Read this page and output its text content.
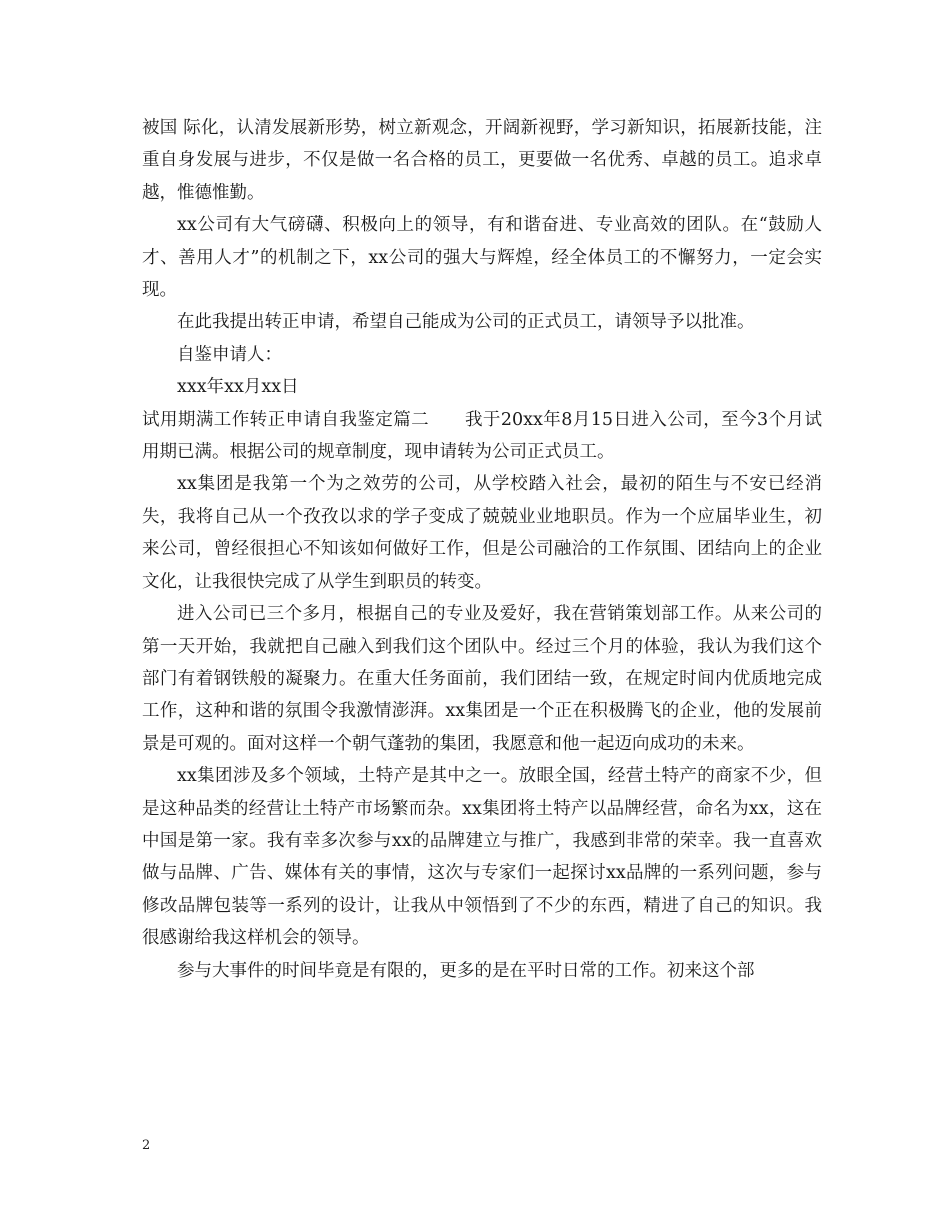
被国 际化，认清发展新形势，树立新观念，开阔新视野，学习新知识，拓展新技能，注重自身发展与进步，不仅是做一名合格的员工，更要做一名优秀、卓越的员工。追求卓越，惟德惟勤。

xx公司有大气磅礴、积极向上的领导，有和谐奋进、专业高效的团队。在“鼓励人才、善用人才”的机制之下，xx公司的强大与辉煌，经全体员工的不懈努力，一定会实现。

在此我提出转正申请，希望自己能成为公司的正式员工，请领导予以批准。

自鉴申请人：

xxx年xx月xx日

试用期满工作转正申请自我鉴定篇二　　我于20xx年8月15日进入公司，至今3个月试用期已满。根据公司的规章制度，现申请转为公司正式员工。

xx集团是我第一个为之效劳的公司，从学校踏入社会，最初的陌生与不安已经消失，我将自己从一个孜孜以求的学子变成了兢兢业业地职员。作为一个应届毕业生，初来公司，曾经很担心不知该如何做好工作，但是公司融洽的工作氛围、团结向上的企业文化，让我很快完成了从学生到职员的转变。

进入公司已三个多月，根据自己的专业及爱好，我在营销策划部工作。从来公司的第一天开始，我就把自己融入到我们这个团队中。经过三个月的体验，我认为我们这个部门有着钢铁般的凝聚力。在重大任务面前，我们团结一致，在规定时间内优质地完成工作，这种和谐的氛围令我激情澎湃。xx集团是一个正在积极腾飞的企业，他的发展前景是可观的。面对这样一个朝气蓬勃的集团，我愿意和他一起迈向成功的未来。

xx集团涉及多个领域，土特产是其中之一。放眼全国，经营土特产的商家不少，但是这种品类的经营让土特产市场繁而杂。xx集团将土特产以品牌经营，命名为xx，这在中国是第一家。我有幸多次参与xx的品牌建立与推广，我感到非常的荣幸。我一直喜欢做与品牌、广告、媒体有关的事情，这次与专家们一起探讨xx品牌的一系列问题，参与修改品牌包装等一系列的设计，让我从中领悟到了不少的东西，精进了自己的知识。我很感谢给我这样机会的领导。

参与大事件的时间毕竟是有限的，更多的是在平时日常的工作。初来这个部

2
